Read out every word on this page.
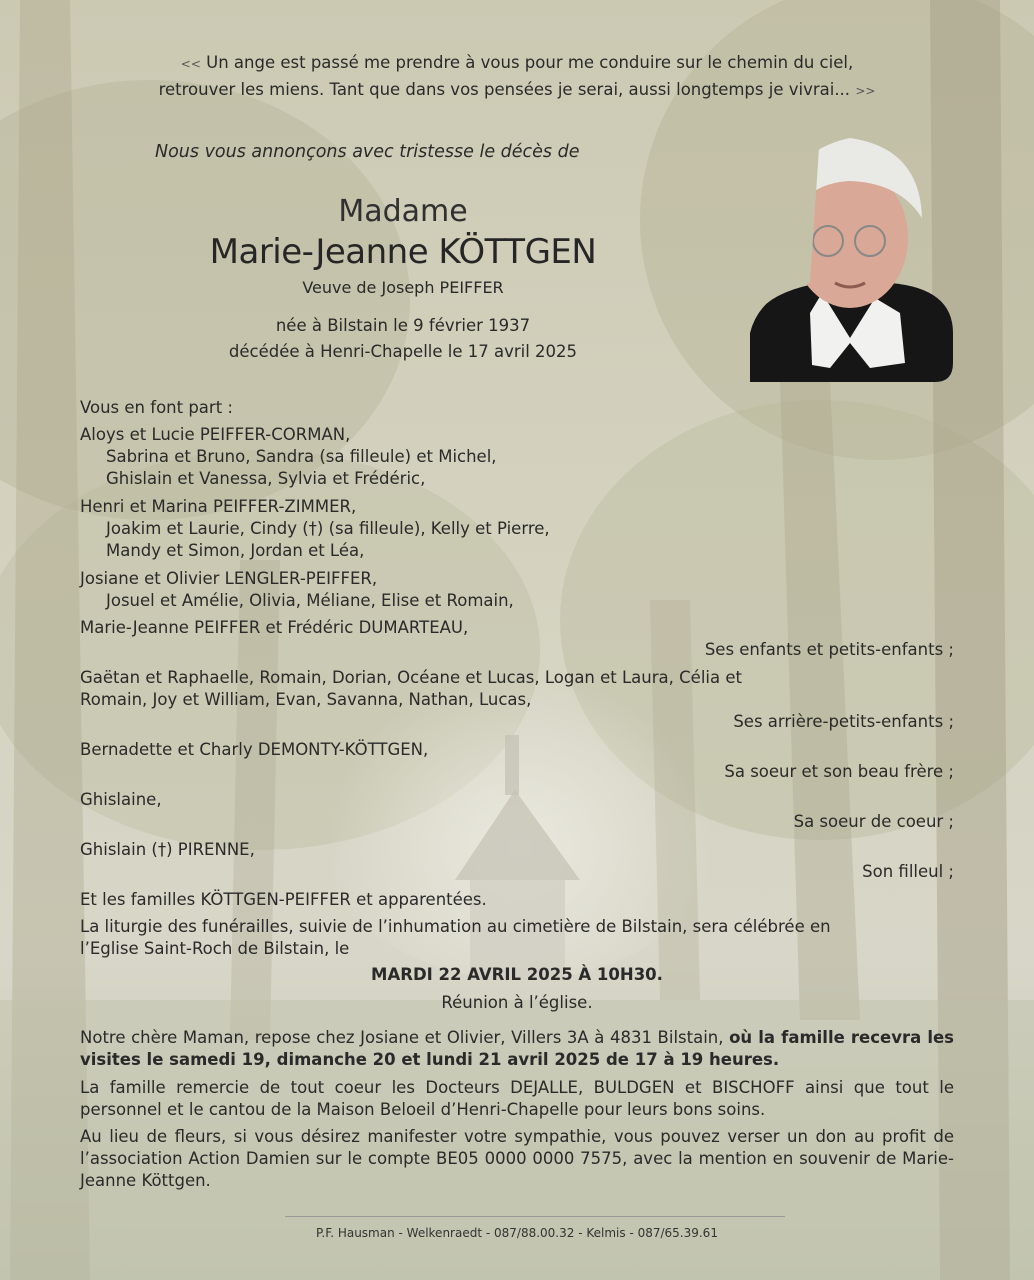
<< Un ange est passé me prendre à vous pour me conduire sur le chemin du ciel,
retrouver les miens. Tant que dans vos pensées je serai, aussi longtemps je vivrai... >>
Nous vous annonçons avec tristesse le décès de
Madame
Marie-Jeanne KÖTTGEN
Veuve de Joseph PEIFFER
née à Bilstain le 9 février 1937
décédée à Henri-Chapelle le 17 avril 2025
Vous en font part :
Aloys et Lucie PEIFFER-CORMAN,
Sabrina et Bruno, Sandra (sa filleule) et Michel,
Ghislain et Vanessa, Sylvia et Frédéric,
Henri et Marina PEIFFER-ZIMMER,
Joakim et Laurie, Cindy (†) (sa filleule), Kelly et Pierre,
Mandy et Simon, Jordan et Léa,
Josiane et Olivier LENGLER-PEIFFER,
Josuel et Amélie, Olivia, Méliane, Elise et Romain,
Marie-Jeanne PEIFFER et Frédéric DUMARTEAU,
Ses enfants et petits-enfants ;
Gaëtan et Raphaelle, Romain, Dorian, Océane et Lucas, Logan et Laura, Célia et
Romain, Joy et William, Evan, Savanna, Nathan, Lucas,
Ses arrière-petits-enfants ;
Bernadette et Charly DEMONTY-KÖTTGEN,
Sa soeur et son beau frère ;
Ghislaine,
Sa soeur de coeur ;
Ghislain (†) PIRENNE,
Son filleul ;
Et les familles KÖTTGEN-PEIFFER et apparentées.
La liturgie des funérailles, suivie de l’inhumation au cimetière de Bilstain, sera célébrée en
l’Eglise Saint-Roch de Bilstain, le
MARDI 22 AVRIL 2025 À 10H30.
Réunion à l’église.
Notre chère Maman, repose chez Josiane et Olivier, Villers 3A à 4831 Bilstain, où la famille recevra les visites le samedi 19, dimanche 20 et lundi 21 avril 2025 de 17 à 19 heures.
La famille remercie de tout coeur les Docteurs DEJALLE, BULDGEN et BISCHOFF ainsi que tout le personnel et le cantou de la Maison Beloeil d’Henri-Chapelle pour leurs bons soins.
Au lieu de fleurs, si vous désirez manifester votre sympathie, vous pouvez verser un don au profit de l’association Action Damien sur le compte BE05 0000 0000 7575, avec la mention en souvenir de Marie-Jeanne Köttgen.
P.F. Hausman - Welkenraedt - 087/88.00.32 - Kelmis - 087/65.39.61
